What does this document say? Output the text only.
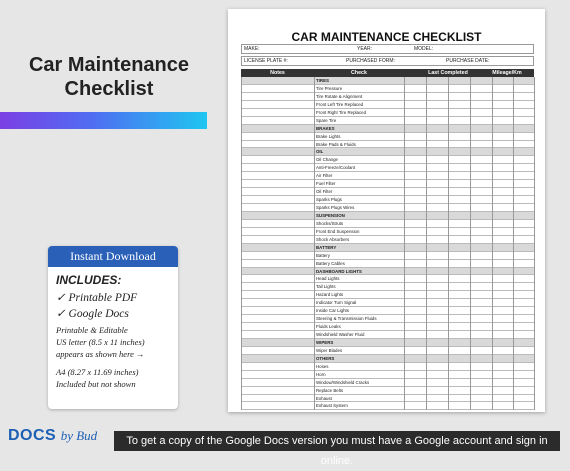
Car Maintenance
Checklist
Instant Download
INCLUDES:
✓ Printable PDF
✓ Google Docs
Printable & Editable
US letter (8.5 x 11 inches)
appears as shown here →
A4 (8.27 x 11.69 inches)
Included but not shown
DOCS by Bud	To get a copy of the Google Docs version you must have a Google account and sign in online.
CAR MAINTENANCE CHECKLIST
MAKE:	YEAR:	MODEL:
LICENSE PLATE #:	PURCHASED FORM:	PURCHASE DATE:
Notes	Check	Last Completed	Mileage/Km
TIRES
Tire Pressure
Tire Rotate & Alignment
Front Left Tire Replaced
Front Right Tire Replaced
Spare Tire
BRAKES
Brake Lights
Brake Pads & Fluids
OIL
Oil Change
Anti-Freeze/Coolant
Air Filter
Fuel Filter
Oil Filter
Sparks Plugs
Sparks Plugs Wires
SUSPENSION
Shocks/Struts
Front End Suspension
Shock Absorbers
BATTERY
Battery
Battery Cables
DASHBOARD LIGHTS
Head Lights
Tail Lights
Hazard Lights
Indicator Turn Signal
Inside Car Lights
Steering & Transmission Fluids
Fluids Leaks
Windshield Washer Fluid
WIPERS
Wiper Blades
OTHERS
Hoses
Horn
Window/Windshield Cracks
Replace Belts
Exhaust
Exhaust System
